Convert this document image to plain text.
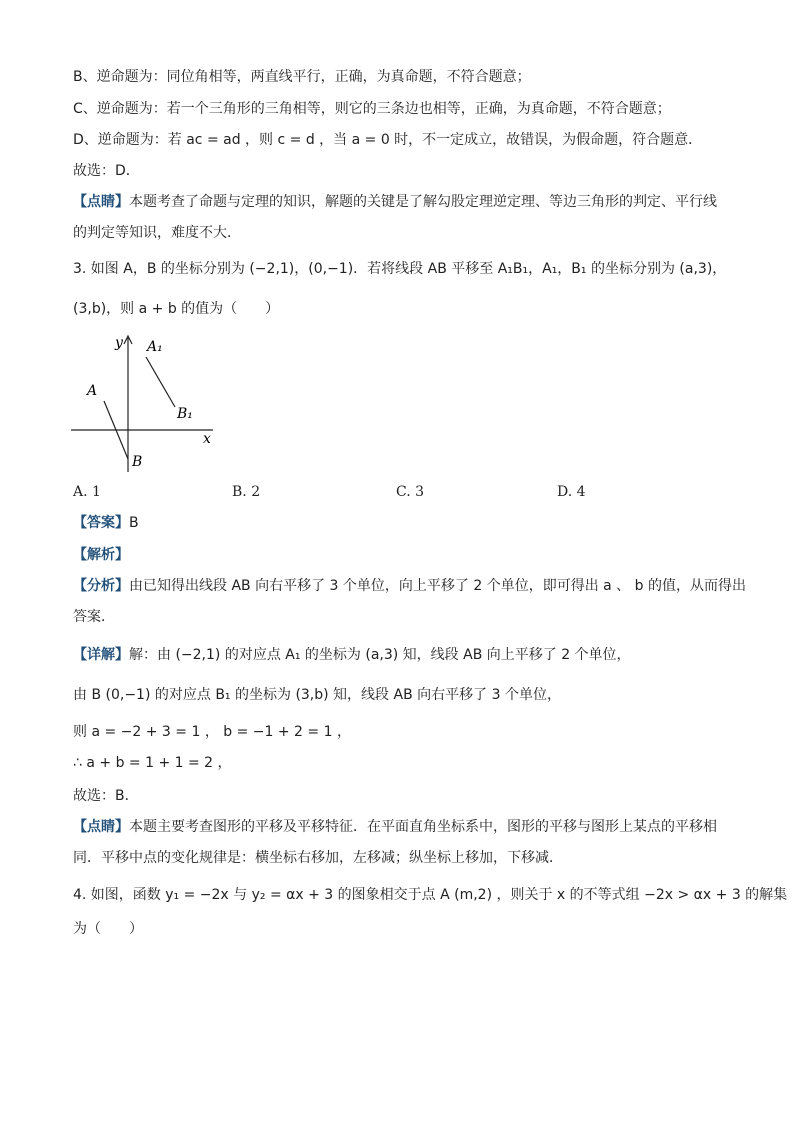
B、逆命题为：同位角相等，两直线平行，正确，为真命题，不符合题意；
C、逆命题为：若一个三角形的三角相等，则它的三条边也相等，正确，为真命题，不符合题意；
D、逆命题为：若 ac = ad ，则 c = d ，当 a = 0 时，不一定成立，故错误，为假命题，符合题意．
故选：D．
【点睛】本题考查了命题与定理的知识，解题的关键是了解勾股定理逆定理、等边三角形的判定、平行线
的判定等知识，难度不大．
3. 如图 A，B 的坐标分别为 (−2,1)，(0,−1)．若将线段 AB 平移至 A₁B₁，A₁，B₁ 的坐标分别为 (a,3)，
(3,b)，则 a + b 的值为（　　）
y
x
A
B
A₁
B₁
A. 1	B. 2	C. 3	D. 4
【答案】B
【解析】
【分析】由已知得出线段 AB 向右平移了 3 个单位，向上平移了 2 个单位，即可得出 a 、 b 的值，从而得出
答案．
【详解】解：由 (−2,1) 的对应点 A₁ 的坐标为 (a,3) 知，线段 AB 向上平移了 2 个单位，
由 B (0,−1) 的对应点 B₁ 的坐标为 (3,b) 知，线段 AB 向右平移了 3 个单位，
则 a = −2 + 3 = 1 ， b = −1 + 2 = 1 ，
∴ a + b = 1 + 1 = 2 ，
故选：B．
【点睛】本题主要考查图形的平移及平移特征．在平面直角坐标系中，图形的平移与图形上某点的平移相
同．平移中点的变化规律是：横坐标右移加，左移减；纵坐标上移加，下移减．
4. 如图，函数 y₁ = −2x 与 y₂ = αx + 3 的图象相交于点 A (m,2) ，则关于 x 的不等式组 −2x > αx + 3 的解集
为（　　）
